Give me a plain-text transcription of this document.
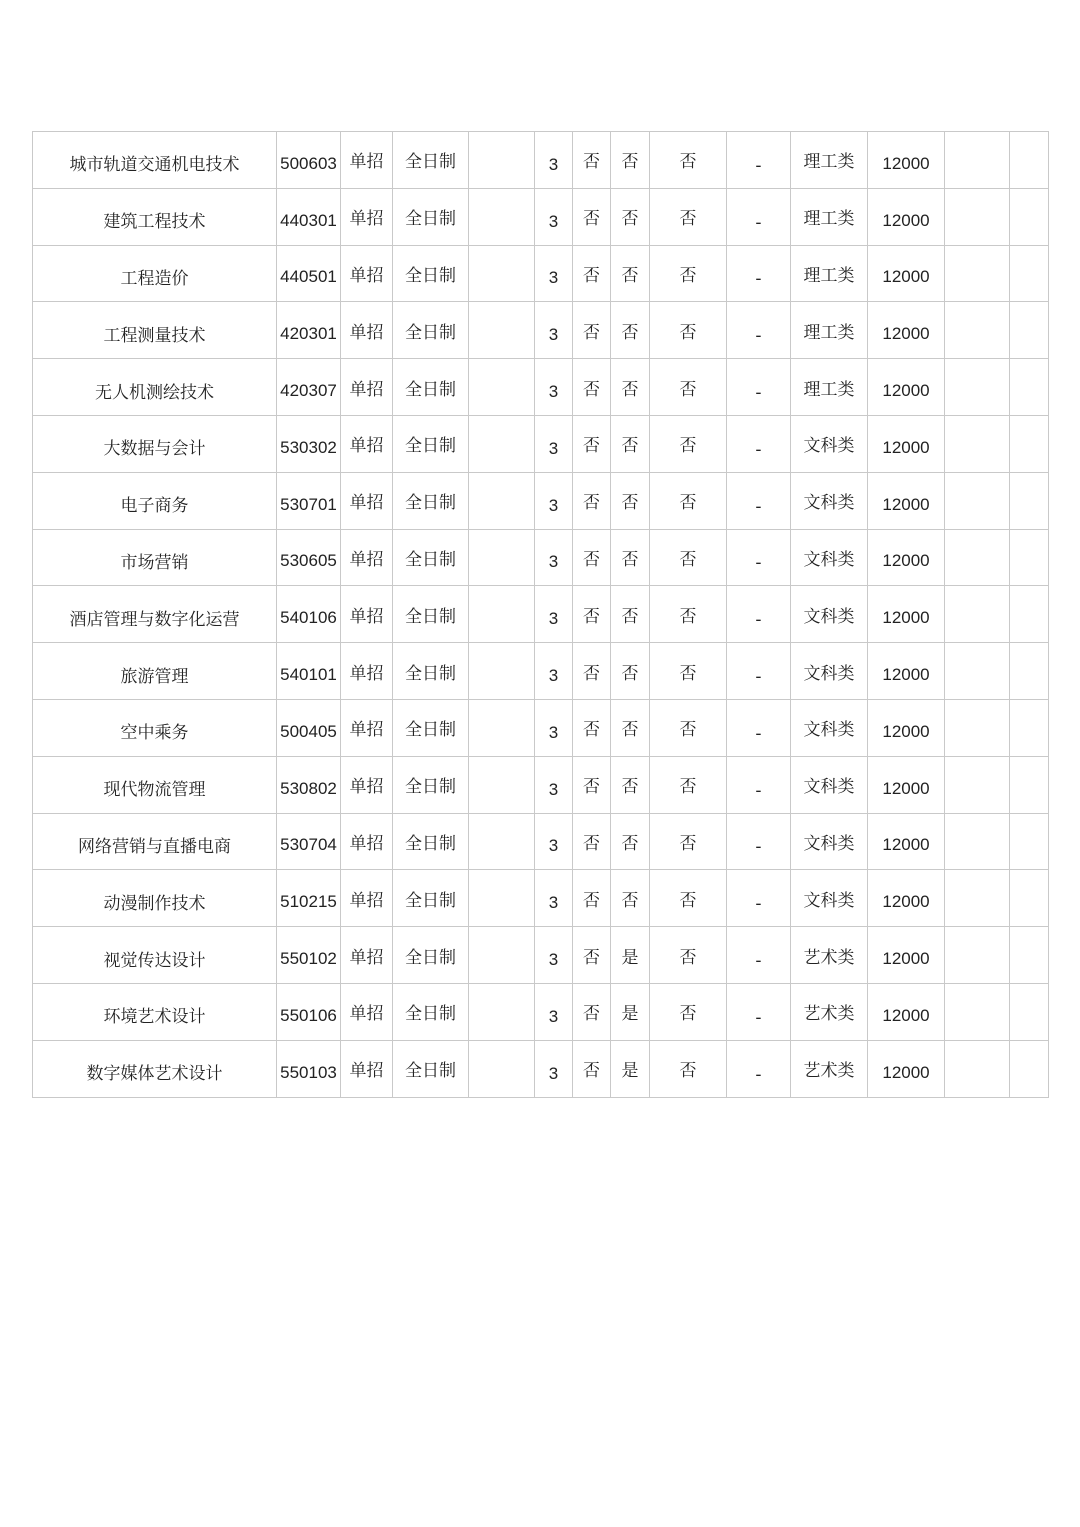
城市轨道交通机电技术	500603	单招	全日制		3	否	否	否	-	理工类	12000		
建筑工程技术	440301	单招	全日制		3	否	否	否	-	理工类	12000		
工程造价	440501	单招	全日制		3	否	否	否	-	理工类	12000		
工程测量技术	420301	单招	全日制		3	否	否	否	-	理工类	12000		
无人机测绘技术	420307	单招	全日制		3	否	否	否	-	理工类	12000		
大数据与会计	530302	单招	全日制		3	否	否	否	-	文科类	12000		
电子商务	530701	单招	全日制		3	否	否	否	-	文科类	12000		
市场营销	530605	单招	全日制		3	否	否	否	-	文科类	12000		
酒店管理与数字化运营	540106	单招	全日制		3	否	否	否	-	文科类	12000		
旅游管理	540101	单招	全日制		3	否	否	否	-	文科类	12000		
空中乘务	500405	单招	全日制		3	否	否	否	-	文科类	12000		
现代物流管理	530802	单招	全日制		3	否	否	否	-	文科类	12000		
网络营销与直播电商	530704	单招	全日制		3	否	否	否	-	文科类	12000		
动漫制作技术	510215	单招	全日制		3	否	否	否	-	文科类	12000		
视觉传达设计	550102	单招	全日制		3	否	是	否	-	艺术类	12000		
环境艺术设计	550106	单招	全日制		3	否	是	否	-	艺术类	12000		
数字媒体艺术设计	550103	单招	全日制		3	否	是	否	-	艺术类	12000		
